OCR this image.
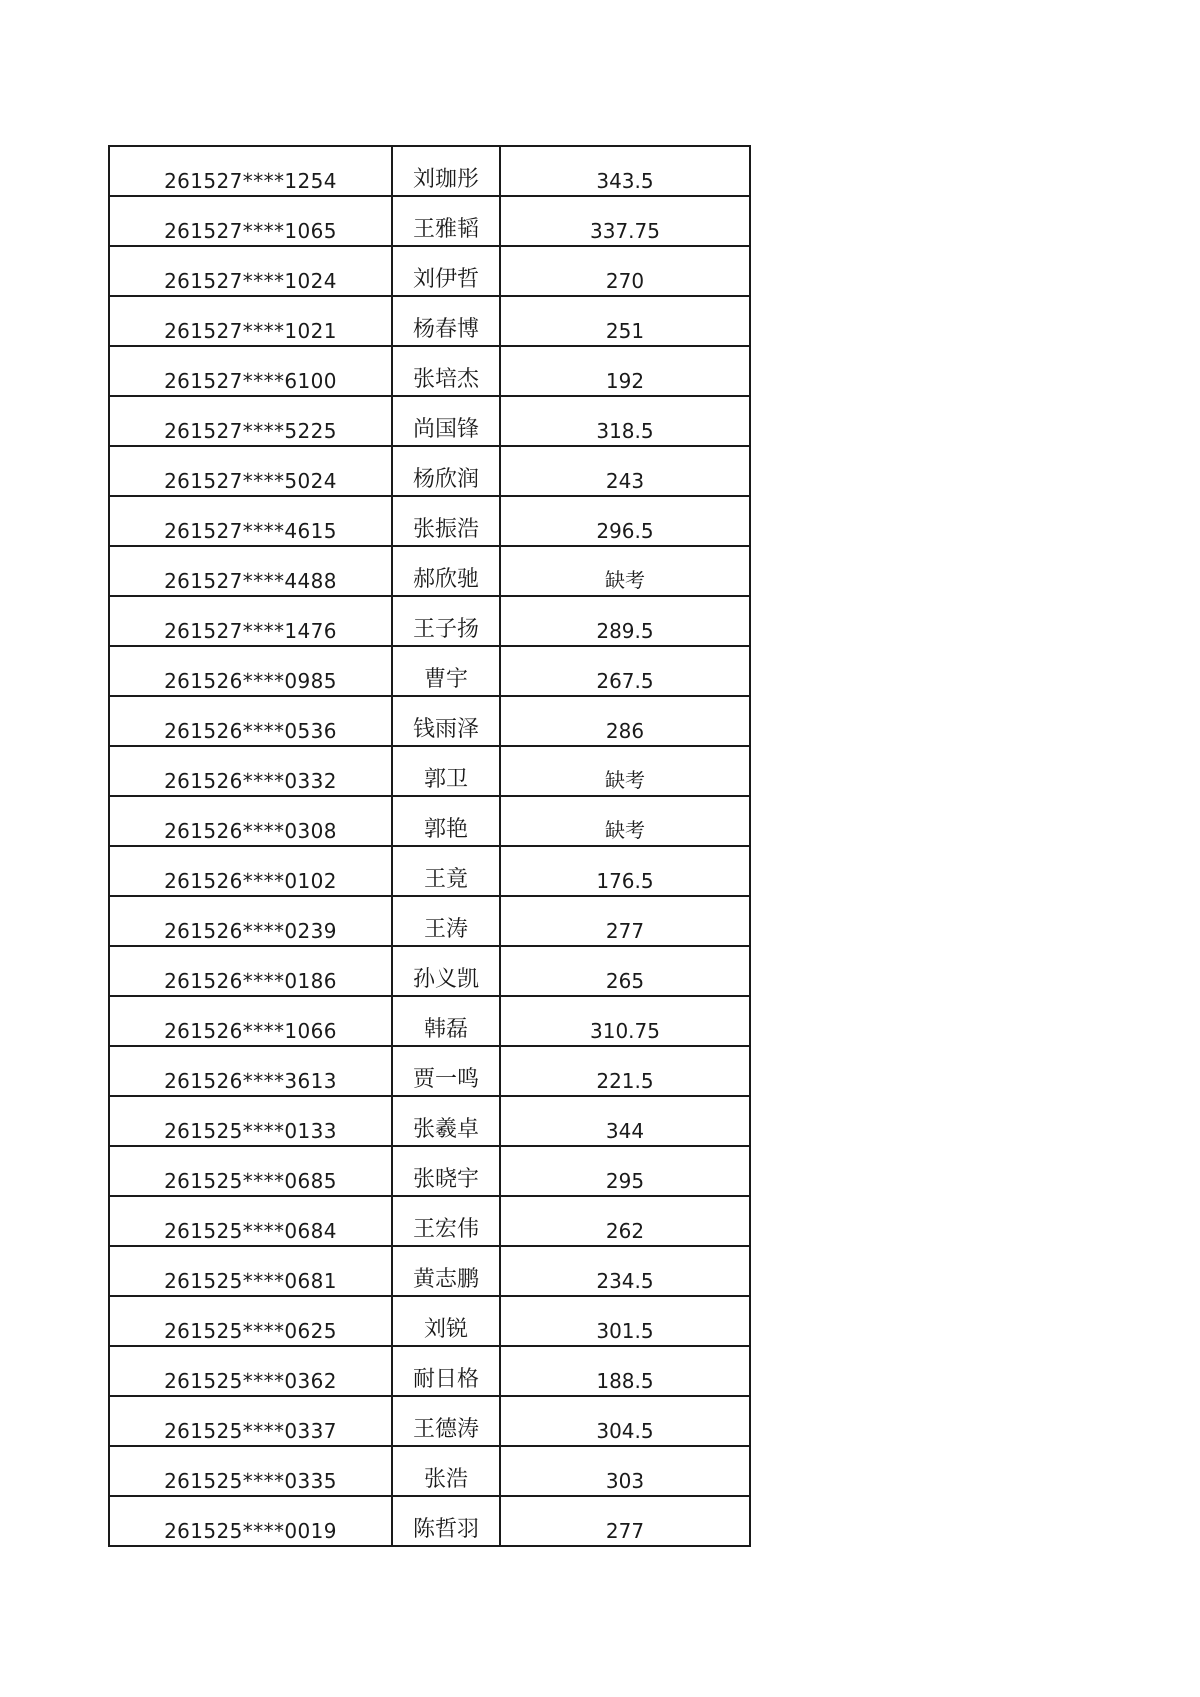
261527****1254	刘珈彤	343.5
261527****1065	王雅韬	337.75
261527****1024	刘伊哲	270
261527****1021	杨春博	251
261527****6100	张培杰	192
261527****5225	尚国锋	318.5
261527****5024	杨欣润	243
261527****4615	张振浩	296.5
261527****4488	郝欣驰	缺考
261527****1476	王子扬	289.5
261526****0985	曹宇	267.5
261526****0536	钱雨泽	286
261526****0332	郭卫	缺考
261526****0308	郭艳	缺考
261526****0102	王竟	176.5
261526****0239	王涛	277
261526****0186	孙义凯	265
261526****1066	韩磊	310.75
261526****3613	贾一鸣	221.5
261525****0133	张羲卓	344
261525****0685	张晓宇	295
261525****0684	王宏伟	262
261525****0681	黄志鹏	234.5
261525****0625	刘锐	301.5
261525****0362	耐日格	188.5
261525****0337	王德涛	304.5
261525****0335	张浩	303
261525****0019	陈哲羽	277
